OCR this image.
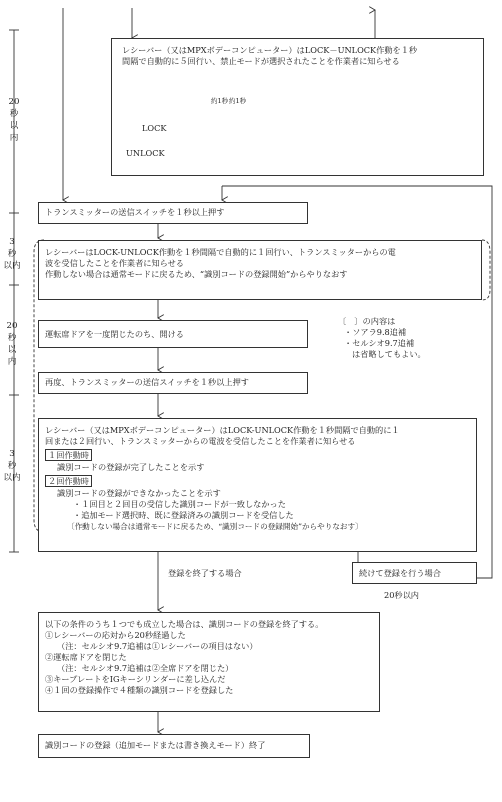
20
秒
以
内
3
秒
以内
20
秒
以
内
3
秒
以内
レシーバー（又はMPXボデーコンピューター）はLOCK－UNLOCK作動を１秒
間隔で自動的に５回行い、禁止モードが選択されたことを作業者に知らせる
約1秒 約1秒
LOCK
UNLOCK
トランスミッターの送信スイッチを１秒以上押す
レシーバーはLOCK-UNLOCK作動を１秒間隔で自動的に１回行い、トランスミッターからの電
波を受信したことを作業者に知らせる
作動しない場合は通常モードに戻るため、“識別コードの登録開始”からやりなおす
運転席ドアを一度閉じたのち、開ける
〔　〕の内容は
・ソアラ9.8追補
・セルシオ9.7追補
は省略してもよい。
再度、トランスミッターの送信スイッチを１秒以上押す
レシーバー（又はMPXボデーコンピューター）はLOCK-UNLOCK作動を１秒間隔で自動的に１
回または２回行い、トランスミッターからの電波を受信したことを作業者に知らせる
１回作動時
識別コードの登録が完了したことを示す
２回作動時
識別コードの登録ができなかったことを示す
・１回目と２回目の受信した識別コードが一致しなかった
・追加モード選択時、既に登録済みの識別コードを受信した
〔作動しない場合は通常モードに戻るため、“識別コードの登録開始”からやりなおす〕
登録を終了する場合	続けて登録を行う場合
20秒以内
以下の条件のうち１つでも成立した場合は、識別コードの登録を終了する。
①レシーバーの応対から20秒経過した
（注：セルシオ9.7追補は①レシーバーの項目はない）
②運転席ドアを閉じた
（注：セルシオ9.7追補は②全席ドアを閉じた）
③キープレートをIGキーシリンダーに差し込んだ
④１回の登録操作で４種類の識別コードを登録した
識別コードの登録（追加モードまたは書き換えモード）終了
